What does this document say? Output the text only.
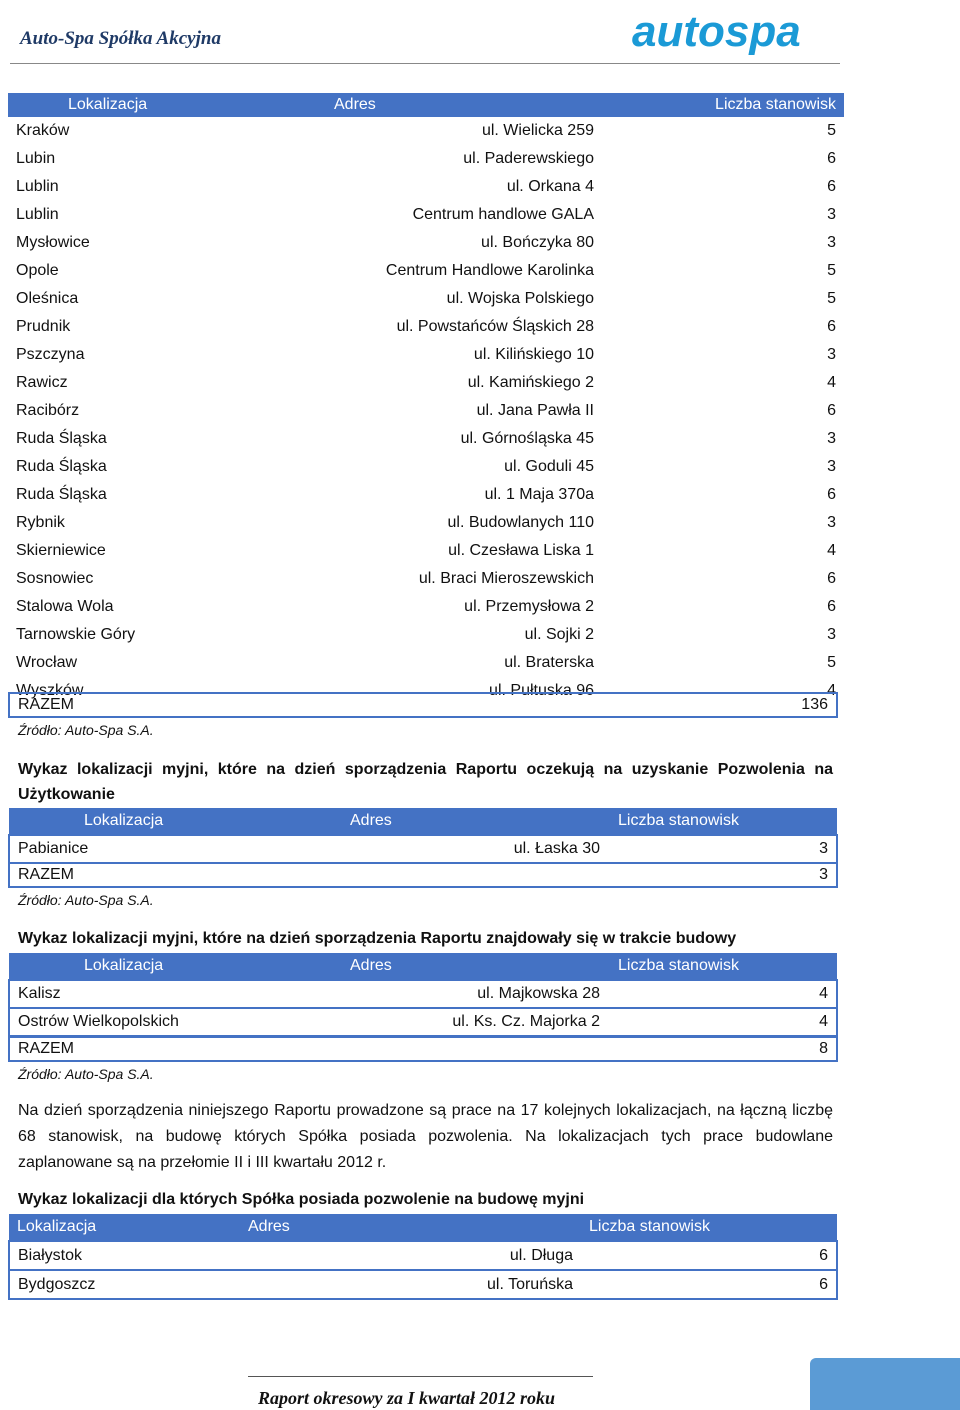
Auto-Spa Spółka Akcyjna	autospa
Lokalizacja	Adres	Liczba stanowisk
Kraków	ul. Wielicka 259	5
Lubin	ul. Paderewskiego	6
Lublin	ul. Orkana 4	6
Lublin	Centrum handlowe GALA	3
Mysłowice	ul. Bończyka 80	3
Opole	Centrum Handlowe Karolinka	5
Oleśnica	ul. Wojska Polskiego	5
Prudnik	ul. Powstańców Śląskich 28	6
Pszczyna	ul. Kilińskiego 10	3
Rawicz	ul. Kamińskiego 2	4
Racibórz	ul. Jana Pawła II	6
Ruda Śląska	ul. Górnośląska 45	3
Ruda Śląska	ul. Goduli 45	3
Ruda Śląska	ul. 1 Maja 370a	6
Rybnik	ul. Budowlanych 110	3
Skierniewice	ul. Czesława Liska 1	4
Sosnowiec	ul. Braci Mieroszewskich	6
Stalowa Wola	ul. Przemysłowa 2	6
Tarnowskie Góry	ul. Sojki 2	3
Wrocław	ul. Braterska	5
Wyszków	ul. Pułtuska 96	4
RAZEM	136
Źródło: Auto-Spa S.A.
Wykaz lokalizacji myjni, które na dzień sporządzenia Raportu oczekują na uzyskanie Pozwolenia na Użytkowanie
Lokalizacja	Adres	Liczba stanowisk
Pabianice	ul. Łaska 30	3
RAZEM	3
Źródło: Auto-Spa S.A.
Wykaz lokalizacji myjni, które na dzień sporządzenia Raportu znajdowały się w trakcie budowy
Lokalizacja	Adres	Liczba stanowisk
Kalisz	ul. Majkowska 28	4
Ostrów Wielkopolskich	ul. Ks. Cz. Majorka 2	4
RAZEM	8
Źródło: Auto-Spa S.A.
Na dzień sporządzenia niniejszego Raportu prowadzone są prace na 17 kolejnych lokalizacjach, na łączną liczbę 68 stanowisk, na budowę których Spółka posiada pozwolenia. Na lokalizacjach tych prace budowlane zaplanowane są na przełomie II i III kwartału 2012 r.
Wykaz lokalizacji dla których Spółka posiada pozwolenie na budowę myjni
Lokalizacja	Adres	Liczba stanowisk
Białystok	ul. Długa	6
Bydgoszcz	ul. Toruńska	6
Raport okresowy za I kwartał 2012 roku
